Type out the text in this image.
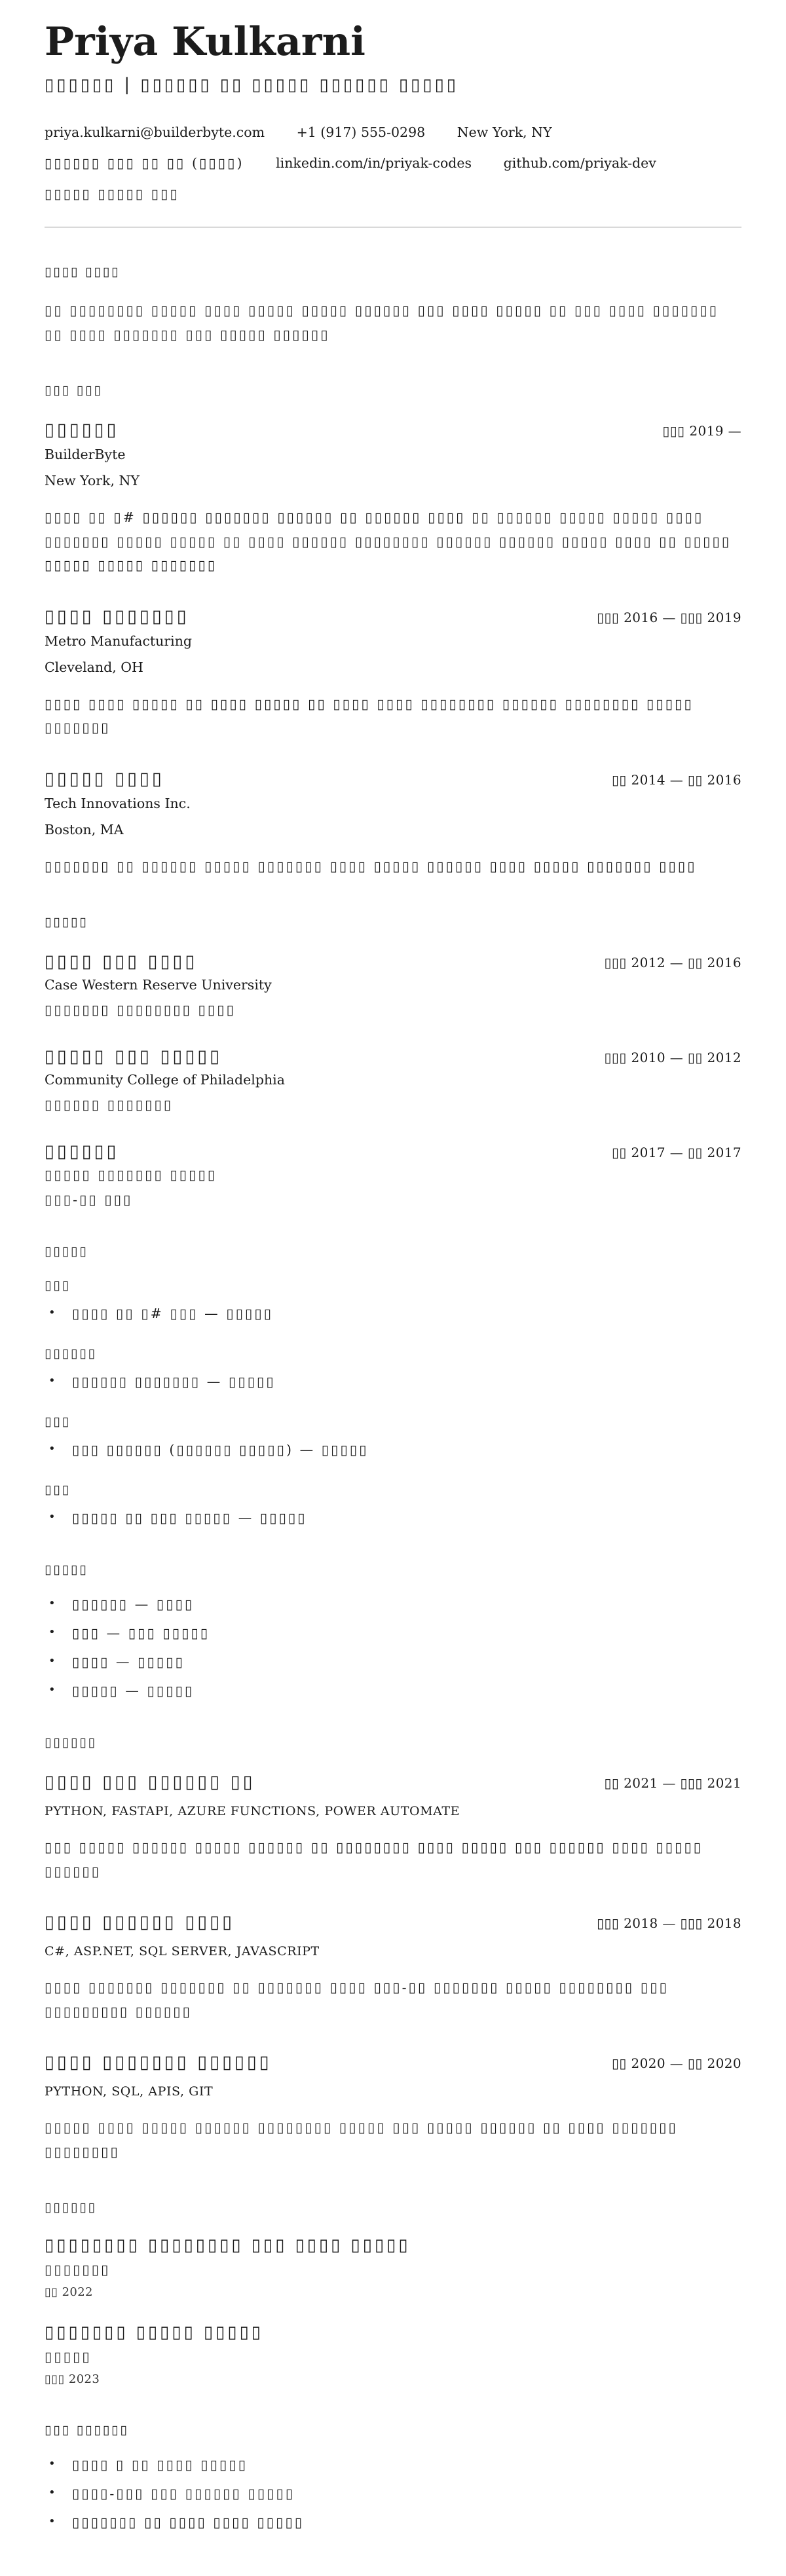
Priya Kulkarni

▯▯▯▯▯▯ | ▯▯▯▯▯▯ ▯▯ ▯▯▯▯▯ ▯▯▯▯▯▯ ▯▯▯▯▯

priya.kulkarni@builderbyte.com +1 (917) 555-0298 New York, NY

▯▯▯▯▯▯ ▯▯▯ ▯▯ ▯▯ (▯▯▯▯) linkedin.com/in/priyak-codes github.com/priyak-dev ▯▯▯▯▯ ▯▯▯▯▯ ▯▯▯

▯▯▯▯ ▯▯▯▯

▯▯ ▯▯▯▯▯▯▯▯ ▯▯▯▯▯ ▯▯▯▯ ▯▯▯▯▯ ▯▯▯▯▯ ▯▯▯▯▯▯ ▯▯▯ ▯▯▯▯ ▯▯▯▯▯ ▯▯ ▯▯▯ ▯▯▯▯ ▯▯▯▯▯▯▯ ▯▯ ▯▯▯▯ ▯▯▯▯▯▯▯ ▯▯▯ ▯▯▯▯▯ ▯▯▯▯▯▯

▯▯▯ ▯▯▯
▯▯▯▯▯▯	▯▯▯ 2019 —
BuilderByte
New York, NY

▯▯▯▯ ▯▯ ▯# ▯▯▯▯▯▯ ▯▯▯▯▯▯▯ ▯▯▯▯▯▯ ▯▯ ▯▯▯▯▯▯ ▯▯▯▯ ▯▯ ▯▯▯▯▯▯ ▯▯▯▯▯ ▯▯▯▯▯ ▯▯▯▯ ▯▯▯▯▯▯▯ ▯▯▯▯▯ ▯▯▯▯▯ ▯▯ ▯▯▯▯ ▯▯▯▯▯▯ ▯▯▯▯▯▯▯▯ ▯▯▯▯▯▯ ▯▯▯▯▯▯ ▯▯▯▯▯ ▯▯▯▯ ▯▯ ▯▯▯▯▯ ▯▯▯▯▯ ▯▯▯▯▯ ▯▯▯▯▯▯▯

▯▯▯▯ ▯▯▯▯▯▯▯	▯▯▯ 2016 — ▯▯▯ 2019
Metro Manufacturing
Cleveland, OH

▯▯▯▯ ▯▯▯▯ ▯▯▯▯▯ ▯▯ ▯▯▯▯ ▯▯▯▯▯ ▯▯ ▯▯▯▯ ▯▯▯▯ ▯▯▯▯▯▯▯▯ ▯▯▯▯▯▯ ▯▯▯▯▯▯▯▯ ▯▯▯▯▯ ▯▯▯▯▯▯▯

▯▯▯▯▯ ▯▯▯▯	▯▯ 2014 — ▯▯ 2016
Tech Innovations Inc.
Boston, MA

▯▯▯▯▯▯▯ ▯▯ ▯▯▯▯▯▯ ▯▯▯▯▯ ▯▯▯▯▯▯▯ ▯▯▯▯ ▯▯▯▯▯ ▯▯▯▯▯▯ ▯▯▯▯ ▯▯▯▯▯ ▯▯▯▯▯▯▯ ▯▯▯▯

▯▯▯▯▯
▯▯▯▯ ▯▯▯ ▯▯▯▯	▯▯▯ 2012 — ▯▯ 2016
Case Western Reserve University
▯▯▯▯▯▯▯ ▯▯▯▯▯▯▯▯ ▯▯▯▯
▯▯▯▯▯ ▯▯▯ ▯▯▯▯▯	▯▯▯ 2010 — ▯▯ 2012
Community College of Philadelphia
▯▯▯▯▯▯ ▯▯▯▯▯▯▯
▯▯▯▯▯▯	▯▯ 2017 — ▯▯ 2017
▯▯▯▯▯ ▯▯▯▯▯▯▯ ▯▯▯▯▯
▯▯▯-▯▯ ▯▯▯
▯▯▯▯▯
▯▯▯
• ▯▯▯▯ ▯▯ ▯# ▯▯▯ — ▯▯▯▯▯
▯▯▯▯▯▯
• ▯▯▯▯▯▯ ▯▯▯▯▯▯▯ — ▯▯▯▯▯
▯▯▯
• ▯▯▯ ▯▯▯▯▯▯ (▯▯▯▯▯▯ ▯▯▯▯▯) — ▯▯▯▯▯
▯▯▯
• ▯▯▯▯▯ ▯▯ ▯▯▯ ▯▯▯▯▯ — ▯▯▯▯▯
▯▯▯▯▯
• ▯▯▯▯▯▯ — ▯▯▯▯
• ▯▯▯ — ▯▯▯ ▯▯▯▯▯
• ▯▯▯▯ — ▯▯▯▯▯
• ▯▯▯▯▯ — ▯▯▯▯▯
▯▯▯▯▯▯
▯▯▯▯ ▯▯▯ ▯▯▯▯▯▯ ▯▯	▯▯ 2021 — ▯▯▯ 2021
PYTHON, FASTAPI, AZURE FUNCTIONS, POWER AUTOMATE

▯▯▯ ▯▯▯▯▯ ▯▯▯▯▯▯ ▯▯▯▯▯ ▯▯▯▯▯▯ ▯▯ ▯▯▯▯▯▯▯▯ ▯▯▯▯ ▯▯▯▯▯ ▯▯▯ ▯▯▯▯▯▯ ▯▯▯▯ ▯▯▯▯▯ ▯▯▯▯▯▯

▯▯▯▯ ▯▯▯▯▯▯ ▯▯▯▯	▯▯▯ 2018 — ▯▯▯ 2018
C#, ASP.NET, SQL SERVER, JAVASCRIPT

▯▯▯▯ ▯▯▯▯▯▯▯ ▯▯▯▯▯▯▯ ▯▯ ▯▯▯▯▯▯▯ ▯▯▯▯ ▯▯▯-▯▯ ▯▯▯▯▯▯▯ ▯▯▯▯▯ ▯▯▯▯▯▯▯▯ ▯▯▯ ▯▯▯▯▯▯▯▯▯ ▯▯▯▯▯▯

▯▯▯▯ ▯▯▯▯▯▯▯ ▯▯▯▯▯▯	▯▯ 2020 — ▯▯ 2020
PYTHON, SQL, APIS, GIT

▯▯▯▯▯ ▯▯▯▯ ▯▯▯▯▯ ▯▯▯▯▯▯ ▯▯▯▯▯▯▯▯ ▯▯▯▯▯ ▯▯▯ ▯▯▯▯▯ ▯▯▯▯▯▯ ▯▯ ▯▯▯▯ ▯▯▯▯▯▯▯ ▯▯▯▯▯▯▯▯

▯▯▯▯▯▯
▯▯▯▯▯▯▯▯ ▯▯▯▯▯▯▯▯ ▯▯▯ ▯▯▯▯ ▯▯▯▯▯
▯▯▯▯▯▯▯
▯▯ 2022
▯▯▯▯▯▯▯ ▯▯▯▯▯ ▯▯▯▯▯
▯▯▯▯▯
▯▯▯ 2023
▯▯▯ ▯▯▯▯▯▯
• ▯▯▯▯ ▯ ▯▯ ▯▯▯▯ ▯▯▯▯▯
• ▯▯▯▯-▯▯▯ ▯▯▯ ▯▯▯▯▯▯ ▯▯▯▯▯
• ▯▯▯▯▯▯▯ ▯▯ ▯▯▯▯ ▯▯▯▯ ▯▯▯▯▯
